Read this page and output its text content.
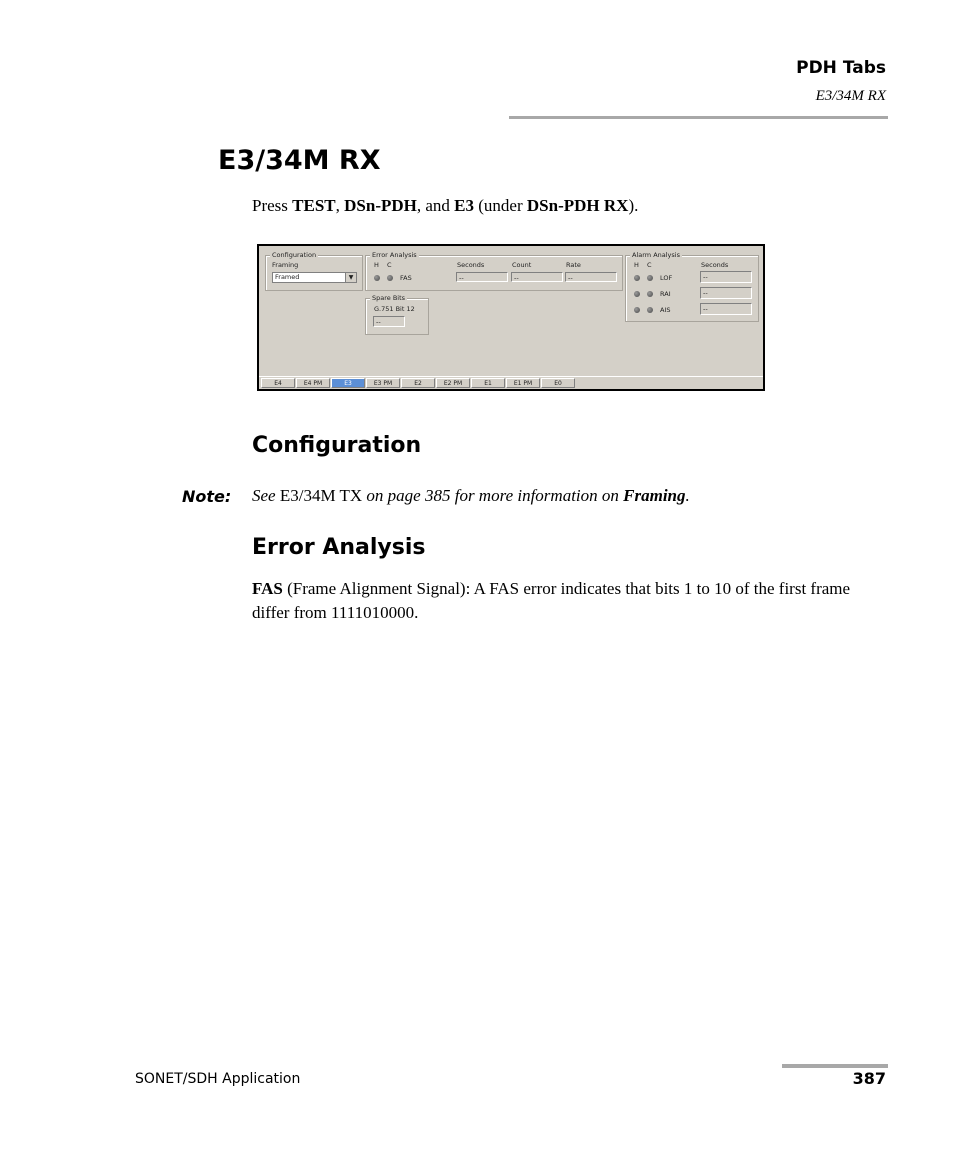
PDH Tabs
E3/34M RX
E3/34M RX
Press TEST, DSn-PDH, and E3 (under DSn-PDH RX).
Configuration
Framing
Framed	▼
Error Analysis
H C	Seconds	Count	Rate
FAS	--	--	--
Spare Bits
G.751 Bit 12
--
Alarm Analysis
H C	Seconds
LOF	--
RAI	--
AIS	--
E4	E4 PM	E3	E3 PM	E2	E2 PM	E1	E1 PM	E0
Configuration
Note: See E3/34M TX on page 385 for more information on Framing.
Error Analysis
FAS (Frame Alignment Signal): A FAS error indicates that bits 1 to 10 of the first frame differ from 1111010000.
SONET/SDH Application	387
